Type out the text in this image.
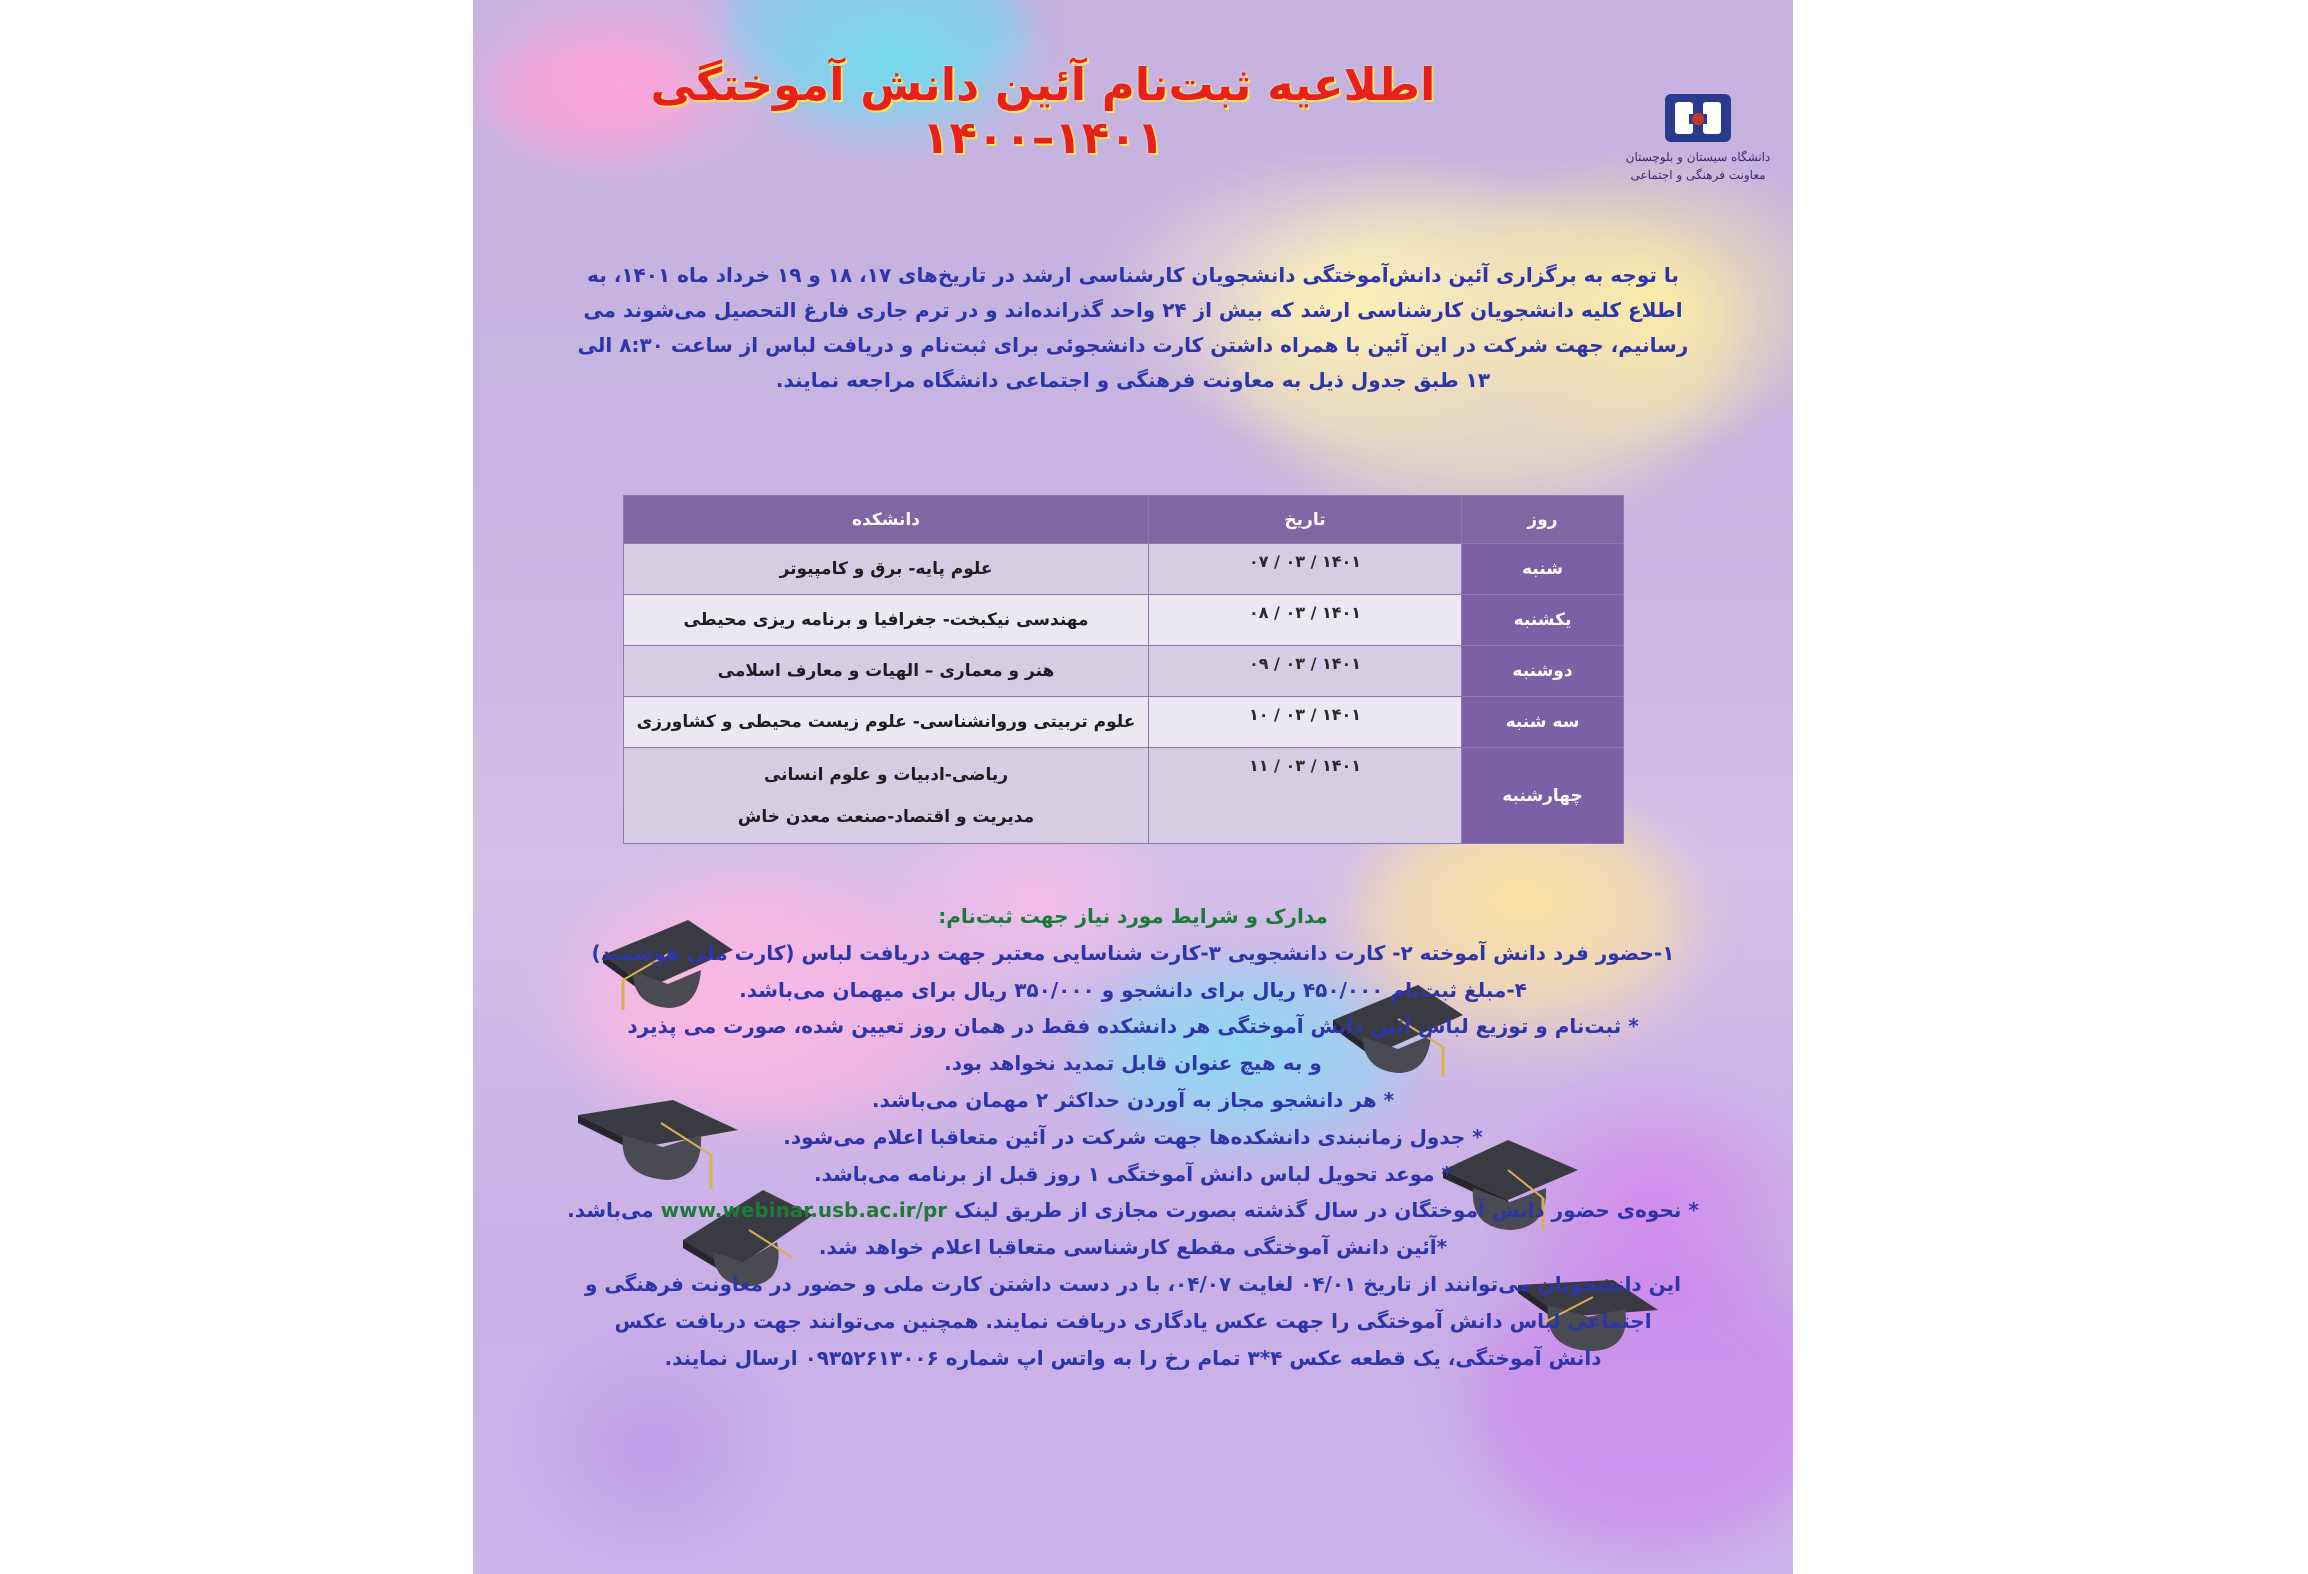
اطلاعیه ثبت‌نام آئین دانش آموختگی ۱۴۰۱–۱۴۰۰	دانشگاه سیستان و بلوچستان
معاونت فرهنگی و اجتماعی
با توجه به برگزاری آئین دانش‌آموختگی دانشجویان کارشناسی ارشد در تاریخ‌های ۱۷، ۱۸ و ۱۹ خرداد ماه ۱۴۰۱، به
اطلاع کلیه دانشجویان کارشناسی ارشد که بیش از ۲۴ واحد گذرانده‌اند و در ترم جاری فارغ التحصیل می‌شوند می
رسانیم، جهت شرکت در این آئین با همراه داشتن کارت دانشجوئی برای ثبت‌نام و دریافت لباس از ساعت ۸:۳۰ الی
۱۳ طبق جدول ذیل به معاونت فرهنگی و اجتماعی دانشگاه مراجعه نمایند.
روز	تاریخ	دانشکده
شنبه	۱۴۰۱ / ۰۳ / ۰۷	علوم پایه- برق و کامپیوتر
یکشنبه	۱۴۰۱ / ۰۳ / ۰۸	مهندسی نیکبخت- جغرافیا و برنامه ریزی محیطی
دوشنبه	۱۴۰۱ / ۰۳ / ۰۹	هنر و معماری – الهیات و معارف اسلامی
سه شنبه	۱۴۰۱ / ۰۳ / ۱۰	علوم تربیتی وروانشناسی- علوم زیست محیطی و کشاورزی
چهارشنبه	۱۴۰۱ / ۰۳ / ۱۱	ریاضی-ادبیات و علوم انسانی
مدیریت و اقتصاد-صنعت معدن خاش

مدارک و شرایط مورد نیاز جهت ثبت‌نام:

۱-حضور فرد دانش آموخته ۲- کارت دانشجویی ۳-کارت شناسایی معتبر جهت دریافت لباس (کارت ملی هوشمند)

۴-مبلغ ثبت‌نام ۴۵۰/۰۰۰ ریال برای دانشجو و ۳۵۰/۰۰۰ ریال برای میهمان می‌باشد.

* ثبت‌نام و توزیع لباس آئین دانش آموختگی هر دانشکده فقط در همان روز تعیین شده، صورت می پذیرد

و به هیچ عنوان قابل تمدید نخواهد بود.

* هر دانشجو مجاز به آوردن حداکثر ۲ مهمان می‌باشد.

* جدول زمانبندی دانشکده‌ها جهت شرکت در آئین متعاقبا اعلام می‌شود.

* موعد تحویل لباس دانش آموختگی ۱ روز قبل از برنامه می‌باشد.

* نحوه‌ی حضور دانش آموختگان در سال گذشته بصورت مجازی از طریق لینک www.webinar.usb.ac.ir/pr می‌باشد.

*آئین دانش آموختگی مقطع کارشناسی متعاقبا اعلام خواهد شد.

این دانشجویان می‌توانند از تاریخ ۰۴/۰۱ لغایت ۰۴/۰۷، با در دست داشتن کارت ملی و حضور در معاونت فرهنگی و

اجتماعی لباس دانش آموختگی را جهت عکس یادگاری دریافت نمایند. همچنین می‌توانند جهت دریافت عکس

دانش آموختگی، یک قطعه عکس ۴*۳ تمام رخ را به واتس اپ شماره ۰۹۳۵۲۶۱۳۰۰۶ ارسال نمایند.
